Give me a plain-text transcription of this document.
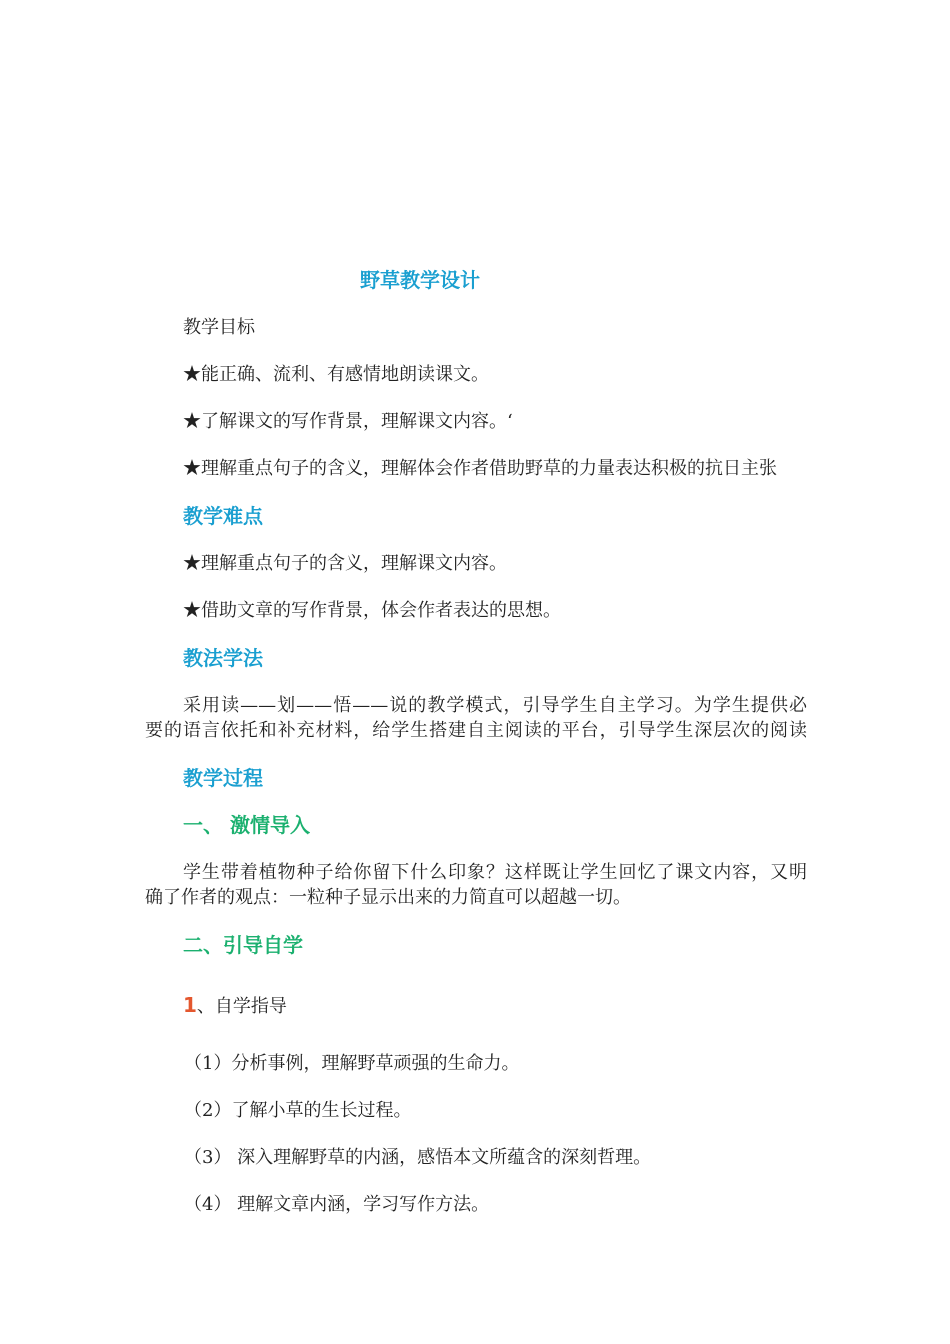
野草教学设计
教学目标
★能正确、流利、有感情地朗读课文。
★了解课文的写作背景，理解课文内容。‘
★理解重点句子的含义，理解体会作者借助野草的力量表达积极的抗日主张
教学难点
★理解重点句子的含义，理解课文内容。
★借助文章的写作背景，体会作者表达的思想。
教法学法
采用读——划——悟——说的教学模式，引导学生自主学习。为学生提供必
要的语言依托和补充材料，给学生搭建自主阅读的平台，引导学生深层次的阅读
教学过程
一、 激情导入
学生带着植物种子给你留下什么印象？这样既让学生回忆了课文内容，又明
确了作者的观点：一粒种子显示出来的力简直可以超越一切。
二、引导自学
1、自学指导
（1）分析事例，理解野草顽强的生命力。
（2）了解小草的生长过程。
（3） 深入理解野草的内涵，感悟本文所蕴含的深刻哲理。
（4） 理解文章内涵，学习写作方法。
